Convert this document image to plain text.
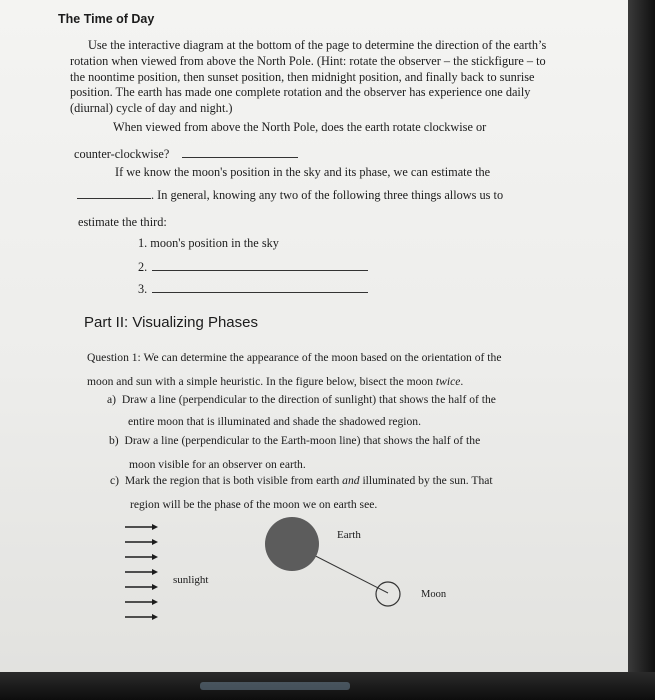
The Time of Day
Use the interactive diagram at the bottom of the page to determine the direction of the earth’s rotation when viewed from above the North Pole. (Hint: rotate the observer – the stickfigure – to the noontime position, then sunset position, then midnight position, and finally back to sunrise position. The earth has made one complete rotation and the observer has experience one daily (diurnal) cycle of day and night.)
When viewed from above the North Pole, does the earth rotate clockwise or
counter-clockwise?
If we know the moon's position in the sky and its phase, we can estimate the
. In general, knowing any two of the following three things allows us to
estimate the third:
1. moon's position in the sky
2.
3.
Part II: Visualizing Phases
Question 1: We can determine the appearance of the moon based on the orientation of the
moon and sun with a simple heuristic. In the figure below, bisect the moon twice.
a) Draw a line (perpendicular to the direction of sunlight) that shows the half of the
entire moon that is illuminated and shade the shadowed region.
b) Draw a line (perpendicular to the Earth-moon line) that shows the half of the
moon visible for an observer on earth.
c) Mark the region that is both visible from earth and illuminated by the sun. That
region will be the phase of the moon we on earth see.
Earth
sunlight
Moon
